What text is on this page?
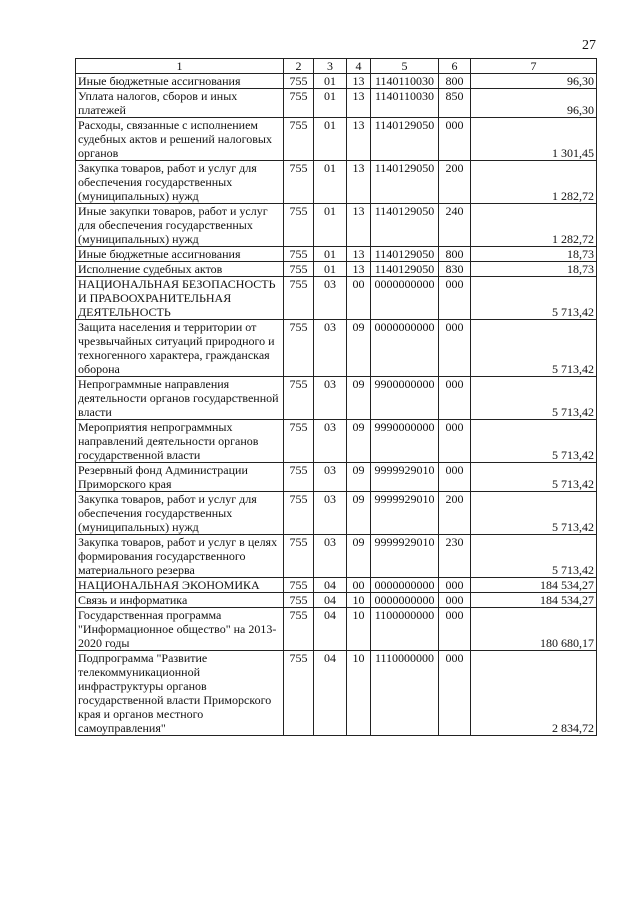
27
1	2	3	4	5	6	7
Иные бюджетные ассигнования	755	01	13	1140110030	800	96,30
Уплата налогов, сборов и иных платежей	755	01	13	1140110030	850	96,30
Расходы, связанные с исполнением судебных актов и решений налоговых органов	755	01	13	1140129050	000	1 301,45
Закупка товаров, работ и услуг для обеспечения государственных (муниципальных) нужд	755	01	13	1140129050	200	1 282,72
Иные закупки товаров, работ и услуг для обеспечения государственных (муниципальных) нужд	755	01	13	1140129050	240	1 282,72
Иные бюджетные ассигнования	755	01	13	1140129050	800	18,73
Исполнение судебных актов	755	01	13	1140129050	830	18,73
НАЦИОНАЛЬНАЯ БЕЗОПАСНОСТЬ И ПРАВООХРАНИТЕЛЬНАЯ ДЕЯТЕЛЬНОСТЬ	755	03	00	0000000000	000	5 713,42
Защита населения и территории от чрезвычайных ситуаций природного и техногенного характера, гражданская оборона	755	03	09	0000000000	000	5 713,42
Непрограммные направления деятельности органов государственной власти	755	03	09	9900000000	000	5 713,42
Мероприятия непрограммных направлений деятельности органов государственной власти	755	03	09	9990000000	000	5 713,42
Резервный фонд Администрации Приморского края	755	03	09	9999929010	000	5 713,42
Закупка товаров, работ и услуг для обеспечения государственных (муниципальных) нужд	755	03	09	9999929010	200	5 713,42
Закупка товаров, работ и услуг в целях формирования государственного материального резерва	755	03	09	9999929010	230	5 713,42
НАЦИОНАЛЬНАЯ ЭКОНОМИКА	755	04	00	0000000000	000	184 534,27
Связь и информатика	755	04	10	0000000000	000	184 534,27
Государственная программа "Информационное общество" на 2013-2020 годы	755	04	10	1100000000	000	180 680,17
Подпрограмма "Развитие телекоммуникационной инфраструктуры органов государственной власти Приморского края и органов местного самоуправления"	755	04	10	1110000000	000	2 834,72
